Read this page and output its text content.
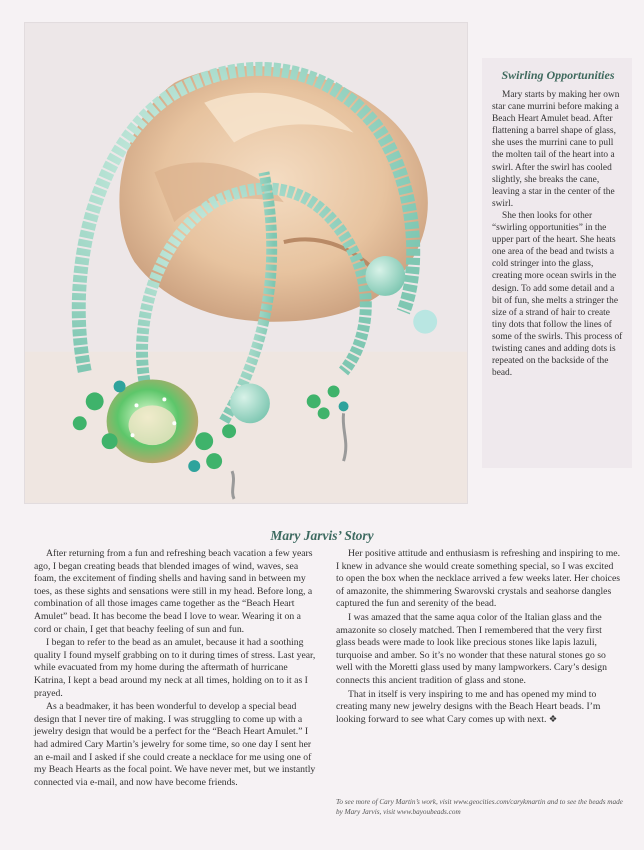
Swirling Opportunities

Mary starts by making her own star cane murrini before making a Beach Heart Amulet bead. After flattening a barrel shape of glass, she uses the murrini cane to pull the molten tail of the heart into a swirl. After the swirl has cooled slightly, she breaks the cane, leaving a star in the center of the swirl.

She then looks for other “swirling opportunities” in the upper part of the heart. She heats one area of the bead and twists a cold stringer into the glass, creating more ocean swirls in the design. To add some detail and a bit of fun, she melts a stringer the size of a strand of hair to create tiny dots that follow the lines of some of the swirls. This process of twisting canes and adding dots is repeated on the backside of the bead.

Mary Jarvis’ Story

After returning from a fun and refreshing beach vacation a few years ago, I began creating beads that blended images of wind, waves, sea foam, the excitement of finding shells and having sand in between my toes, as these sights and sensations were still in my head. Before long, a combination of all those images came together as the “Beach Heart Amulet” bead. It has become the bead I love to wear. Wearing it on a cord or chain, I get that beachy feeling of sun and fun.

I began to refer to the bead as an amulet, because it had a soothing quality I found myself grabbing on to it during times of stress. Last year, while evacuated from my home during the aftermath of hurricane Katrina, I kept a bead around my neck at all times, holding on to it as I prayed.

As a beadmaker, it has been wonderful to develop a special bead design that I never tire of making. I was struggling to come up with a jewelry design that would be a perfect for the “Beach Heart Amulet.” I had admired Cary Martin’s jewelry for some time, so one day I sent her an e-mail and I asked if she could create a necklace for me using one of my Beach Hearts as the focal point. We have never met, but we instantly connected via e-mail, and now have become friends.

Her positive attitude and enthusiasm is refreshing and inspiring to me. I knew in advance she would create something special, so I was excited to open the box when the necklace arrived a few weeks later. Her choices of amazonite, the shimmering Swarovski crystals and seahorse dangles captured the fun and serenity of the bead.

I was amazed that the same aqua color of the Italian glass and the amazonite so closely matched. Then I remembered that the very first glass beads were made to look like precious stones like lapis lazuli, turquoise and amber. So it’s no wonder that these natural stones go so well with the Moretti glass used by many lampworkers. Cary’s design connects this ancient tradition of glass and stone.

That in itself is very inspiring to me and has opened my mind to creating many new jewelry designs with the Beach Heart beads. I’m looking forward to see what Cary comes up with next. ❖

To see more of Cary Martin’s work, visit www.geocities.com/carykmartin and to see the beads made by Mary Jarvis, visit www.bayoubeads.com
